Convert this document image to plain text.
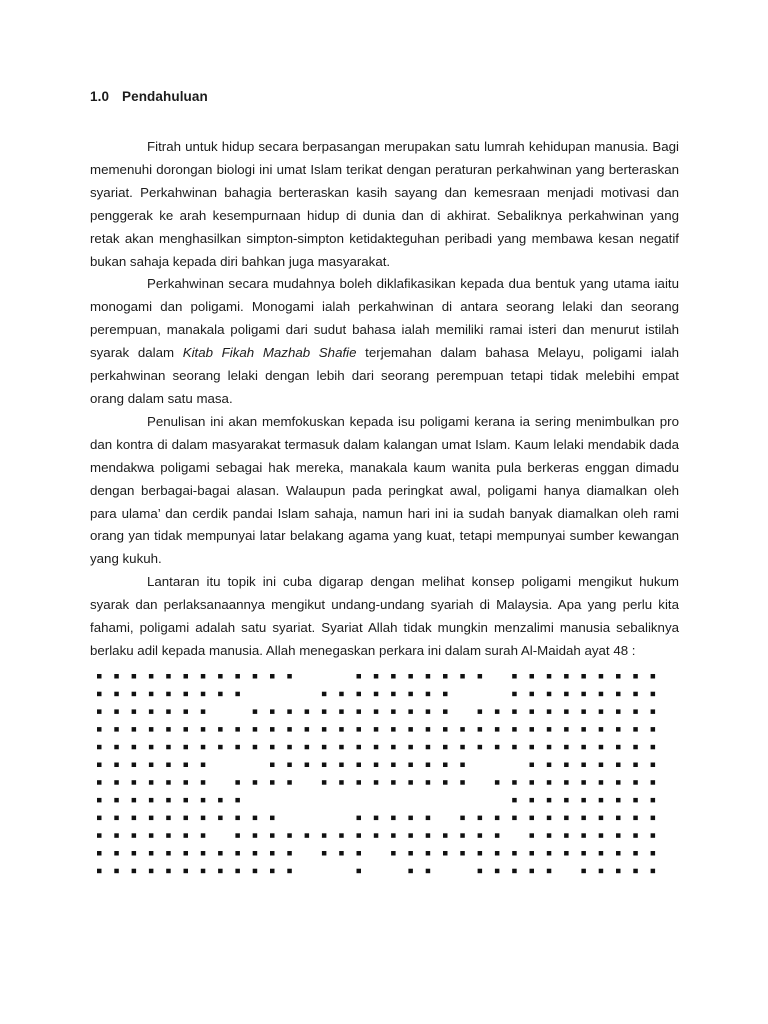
1.0 Pendahuluan

Fitrah untuk hidup secara berpasangan merupakan satu lumrah kehidupan manusia. Bagi memenuhi dorongan biologi ini umat Islam terikat dengan peraturan perkahwinan yang berteraskan syariat. Perkahwinan bahagia berteraskan kasih sayang dan kemesraan menjadi motivasi dan penggerak ke arah kesempurnaan hidup di dunia dan di akhirat. Sebaliknya perkahwinan yang retak akan menghasilkan simpton-simpton ketidakteguhan peribadi yang membawa kesan negatif bukan sahaja kepada diri bahkan juga masyarakat.

Perkahwinan secara mudahnya boleh diklafikasikan kepada dua bentuk yang utama iaitu monogami dan poligami. Monogami ialah perkahwinan di antara seorang lelaki dan seorang perempuan, manakala poligami dari sudut bahasa ialah memiliki ramai isteri dan menurut istilah syarak dalam Kitab Fikah Mazhab Shafie terjemahan dalam bahasa Melayu, poligami ialah perkahwinan seorang lelaki dengan lebih dari seorang perempuan tetapi tidak melebihi empat orang dalam satu masa.

Penulisan ini akan memfokuskan kepada isu poligami kerana ia sering menimbulkan pro dan kontra di dalam masyarakat termasuk dalam kalangan umat Islam. Kaum lelaki mendabik dada mendakwa poligami sebagai hak mereka, manakala kaum wanita pula berkeras enggan dimadu dengan berbagai-bagai alasan. Walaupun pada peringkat awal, poligami hanya diamalkan oleh para ulama’ dan cerdik pandai Islam sahaja, namun hari ini ia sudah banyak diamalkan oleh rami orang yan tidak mempunyai latar belakang agama yang kuat, tetapi mempunyai sumber kewangan yang kukuh.

Lantaran itu topik ini cuba digarap dengan melihat konsep poligami mengikut hukum syarak dan perlaksanaannya mengikut undang-undang syariah di Malaysia. Apa yang perlu kita fahami, poligami adalah satu syariat. Syariat Allah tidak mungkin menzalimi manusia sebaliknya berlaku adil kepada manusia. Allah menegaskan perkara ini dalam surah Al-Maidah ayat 48 :
